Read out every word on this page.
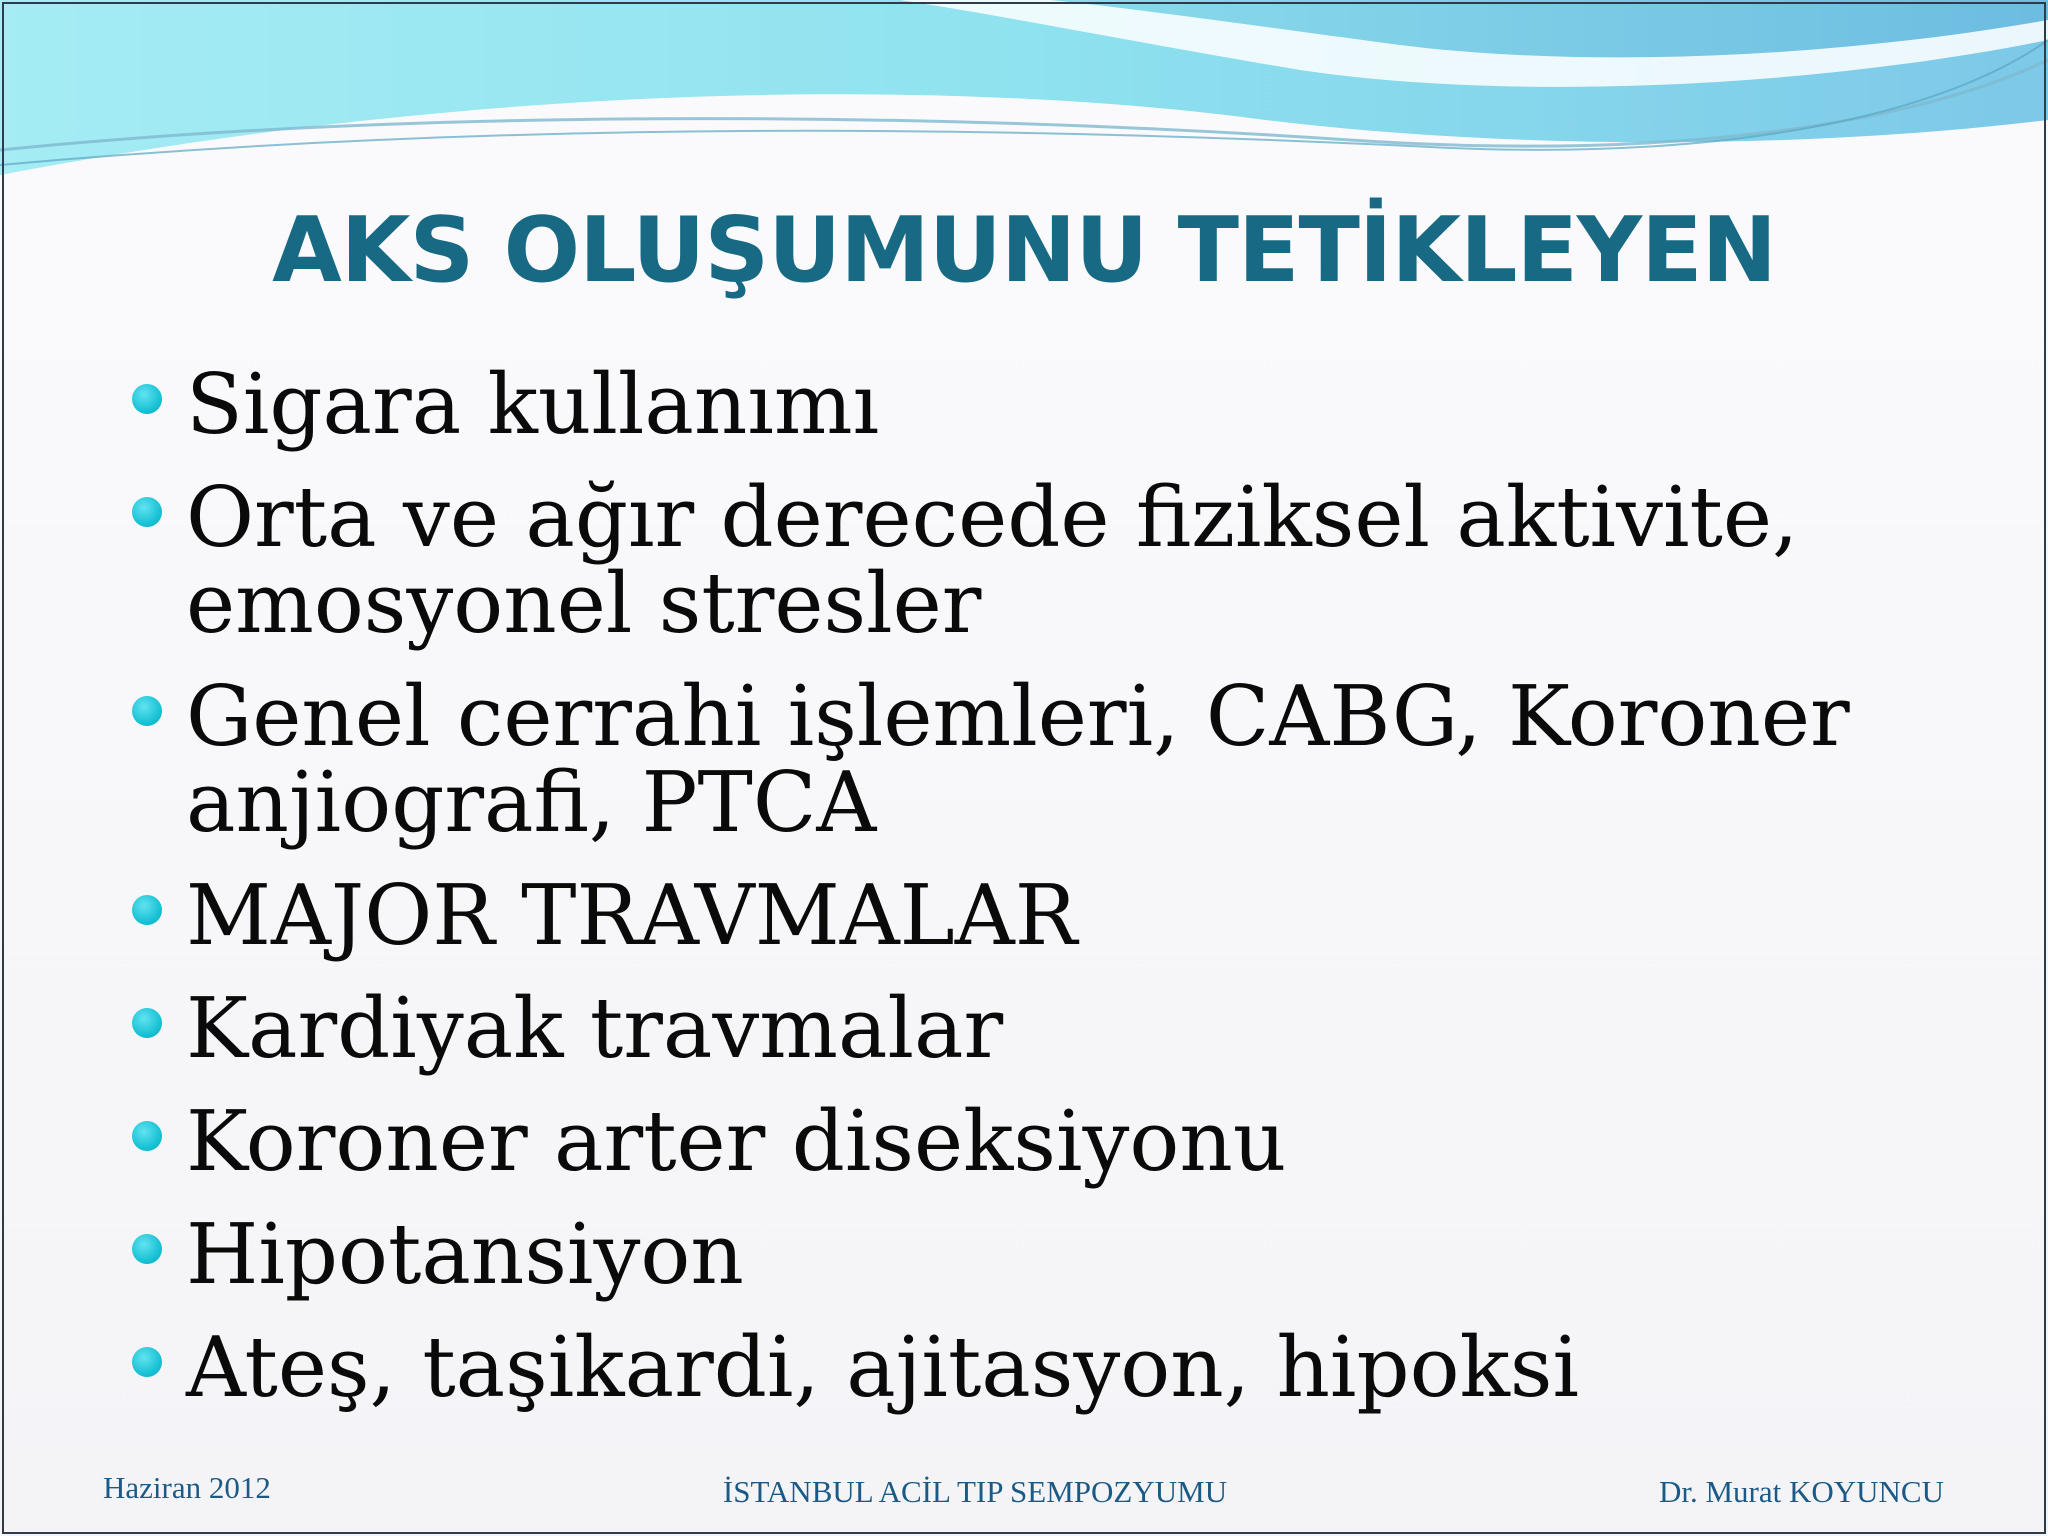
AKS OLUŞUMUNU TETİKLEYEN
Sigara kullanımı
Orta ve ağır derecede fiziksel aktivite,
emosyonel stresler
Genel cerrahi işlemleri, CABG, Koroner
anjiografi, PTCA
MAJOR TRAVMALAR
Kardiyak travmalar
Koroner arter diseksiyonu
Hipotansiyon
Ateş, taşikardi, ajitasyon, hipoksi
Haziran 2012	İSTANBUL ACİL TIP SEMPOZYUMU	Dr. Murat KOYUNCU
